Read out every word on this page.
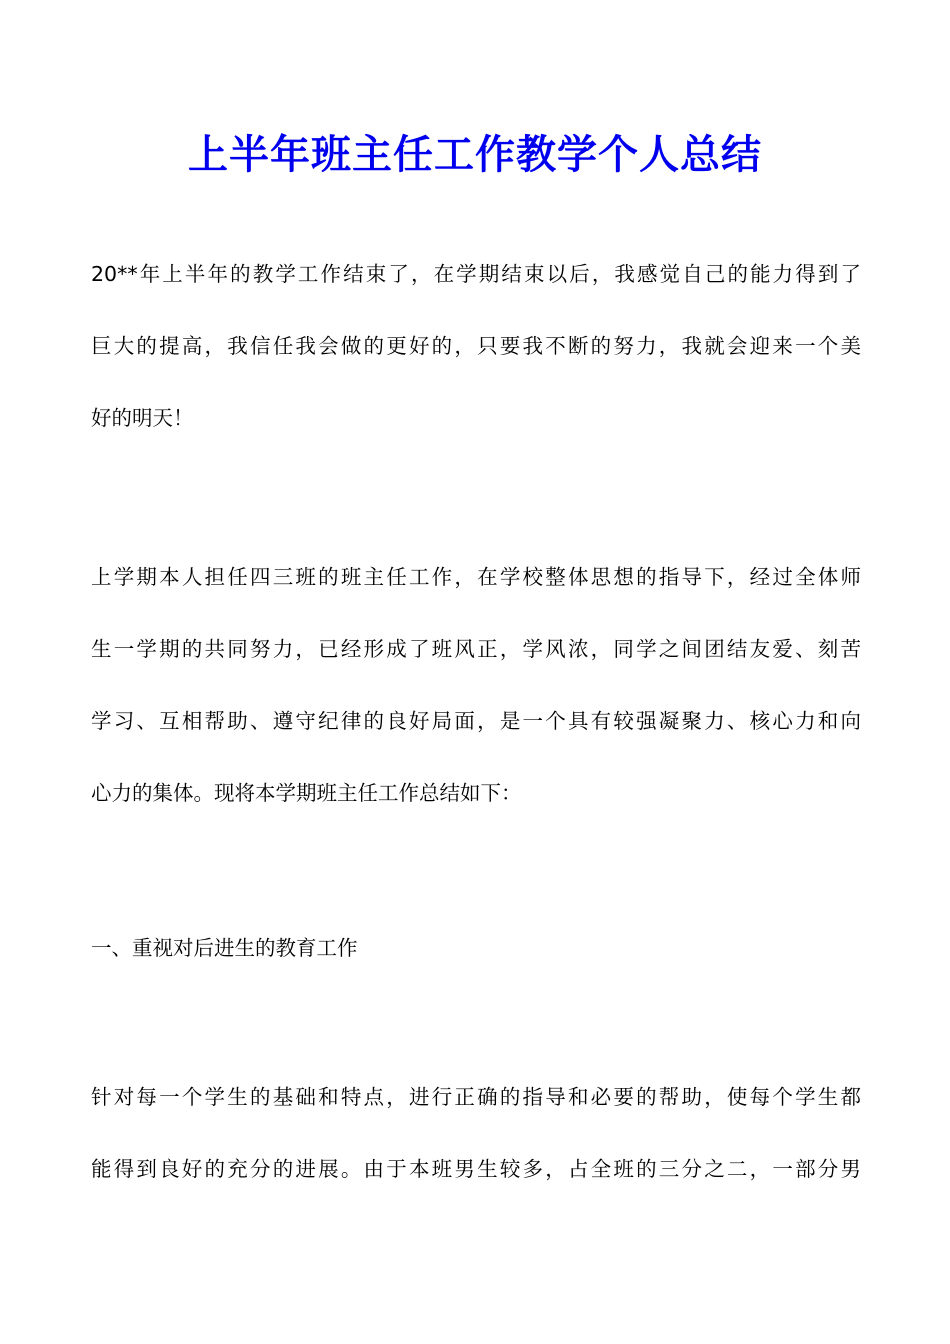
上半年班主任工作教学个人总结

20**年上半年的教学工作结束了，在学期结束以后，我感觉自己的能力得到了
巨大的提高，我信任我会做的更好的，只要我不断的努力，我就会迎来一个美
好的明天！

上学期本人担任四三班的班主任工作，在学校整体思想的指导下，经过全体师
生一学期的共同努力，已经形成了班风正，学风浓，同学之间团结友爱、刻苦
学习、互相帮助、遵守纪律的良好局面，是一个具有较强凝聚力、核心力和向
心力的集体。现将本学期班主任工作总结如下：

一、重视对后进生的教育工作

针对每一个学生的基础和特点，进行正确的指导和必要的帮助，使每个学生都
能得到良好的充分的进展。由于本班男生较多，占全班的三分之二，一部分男
